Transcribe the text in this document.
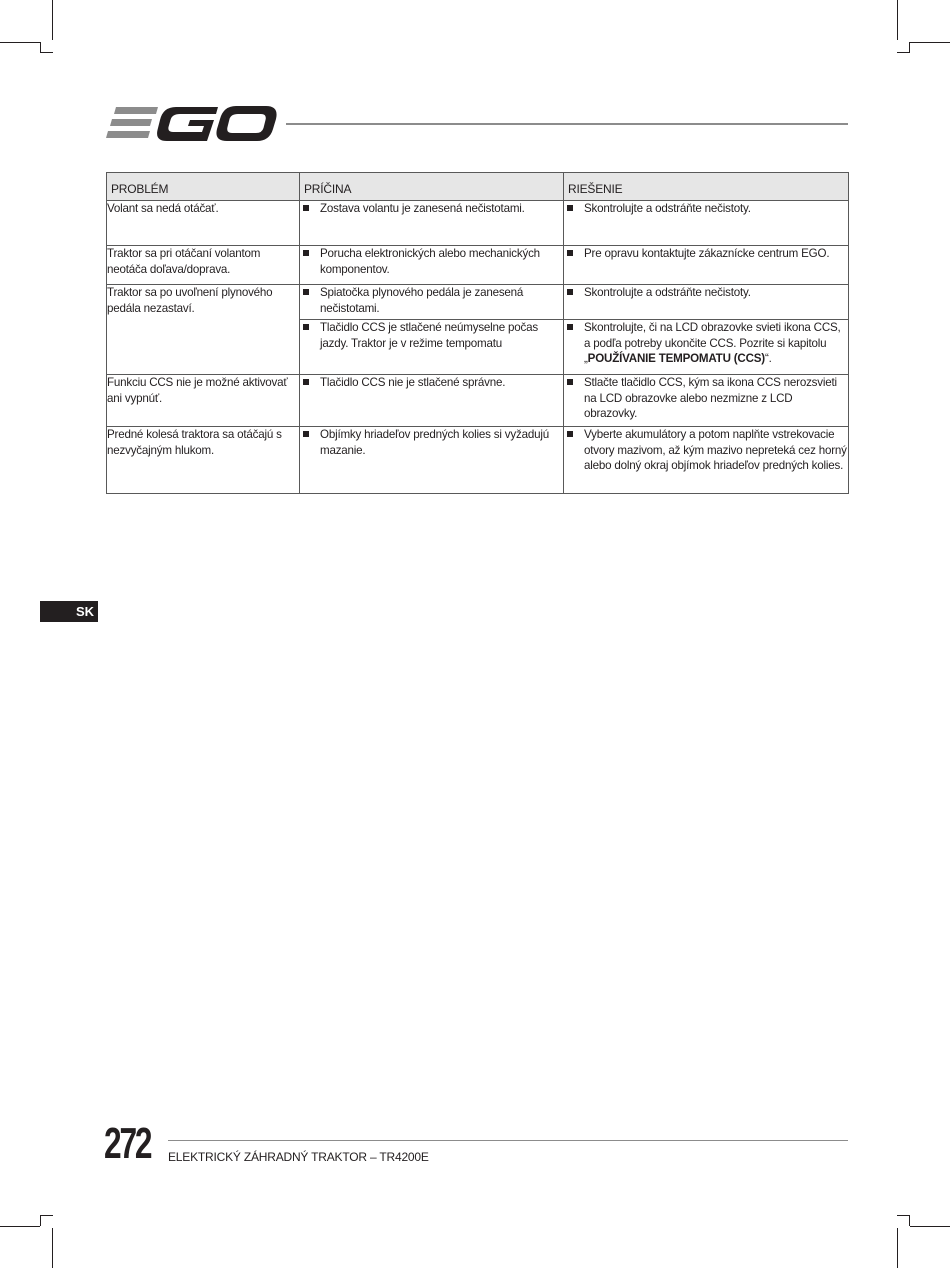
PROBLÉM	PRÍČINA	RIEŠENIE
Volant sa nedá otáčať.	Zostava volantu je zanesená nečistotami.	Skontrolujte a odstráňte nečistoty.

Traktor sa pri otáčaní volantom neotáča doľava/doprava.	Porucha elektronických alebo mechanických komponentov.	Pre opravu kontaktujte zákaznícke centrum EGO.

Traktor sa po uvoľnení plynového pedála nezastaví.	Spiatočka plynového pedála je zanesená nečistotami.	Skontrolujte a odstráňte nečistoty.

	Tlačidlo CCS je stlačené neúmyselne počas jazdy. Traktor je v režime tempomatu	Skontrolujte, či na LCD obrazovke svieti ikona CCS, a podľa potreby ukončite CCS. Pozrite si kapitolu „POUŽÍVANIE TEMPOMATU (CCS)“.

Funkciu CCS nie je možné aktivovať ani vypnúť.	Tlačidlo CCS nie je stlačené správne.	Stlačte tlačidlo CCS, kým sa ikona CCS nerozsvieti na LCD obrazovke alebo nezmizne z LCD obrazovky.

Predné kolesá traktora sa otáčajú s nezvyčajným hlukom.	Objímky hriadeľov predných kolies si vyžadujú mazanie.	Vyberte akumulátory a potom naplňte vstrekovacie otvory mazivom, až kým mazivo nepreteká cez horný alebo dolný okraj objímok hriadeľov predných kolies.
SK
272 ELEKTRICKÝ ZÁHRADNÝ TRAKTOR – TR4200E
